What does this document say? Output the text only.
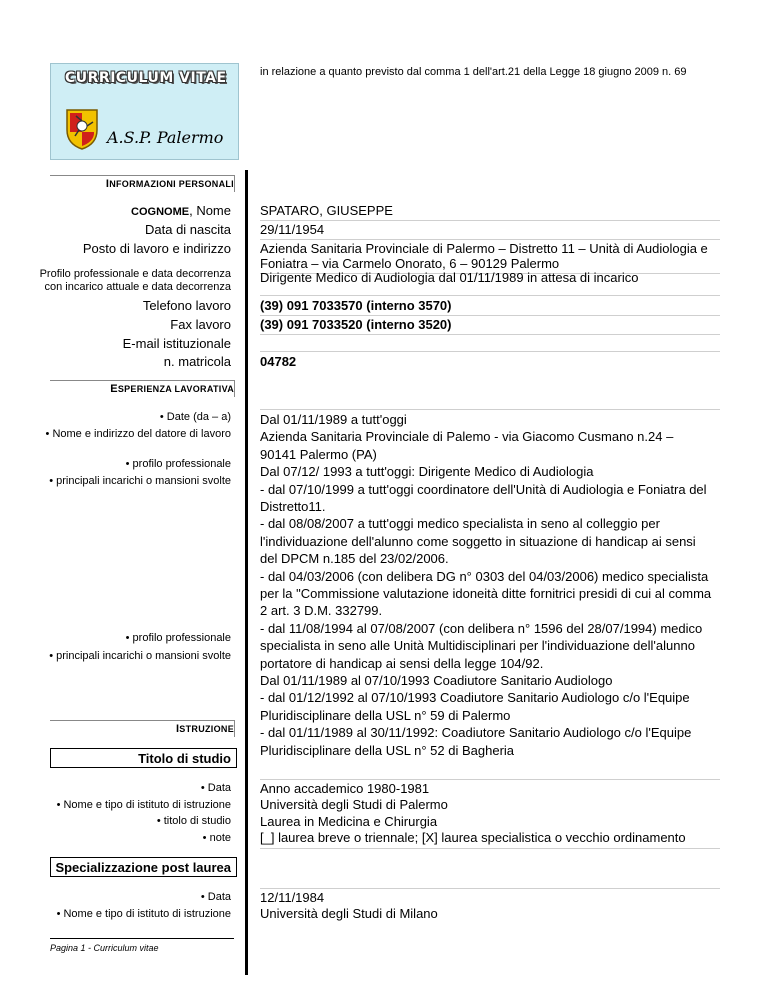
CURRICULUM VITAE
A.S.P. Palermo
in relazione a quanto previsto dal comma 1 dell'art.21 della Legge 18 giugno 2009 n. 69
INFORMAZIONI PERSONALI
COGNOME, Nome
Data di nascita
Posto di lavoro e indirizzo
Profilo professionale e data decorrenza
con incarico attuale e data decorrenza
Telefono lavoro
Fax lavoro
E-mail istituzionale
n. matricola
SPATARO, GIUSEPPE
29/11/1954
Azienda Sanitaria Provinciale di Palermo – Distretto 11 – Unità di Audiologia e
Foniatra – via Carmelo Onorato, 6 – 90129 Palermo
Dirigente Medico di Audiologia dal 01/11/1989 in attesa di incarico
(39) 091 7033570 (interno 3570)
(39) 091 7033520 (interno 3520)
04782
ESPERIENZA LAVORATIVA
• Date (da – a)
• Nome e indirizzo del datore di lavoro
• profilo professionale
• principali incarichi o mansioni svolte
• profilo professionale
• principali incarichi o mansioni svolte
Dal 01/11/1989 a tutt'oggi
Azienda Sanitaria Provinciale di Palemo - via Giacomo Cusmano n.24 –
90141 Palermo (PA)
Dal 07/12/ 1993 a tutt'oggi: Dirigente Medico di Audiologia
- dal 07/10/1999 a tutt'oggi coordinatore dell'Unità di Audiologia e Foniatra del
Distretto11.
- dal 08/08/2007 a tutt'oggi medico specialista in seno al colleggio per
l'individuazione dell'alunno come soggetto in situazione di handicap ai sensi
del DPCM n.185 del 23/02/2006.
- dal 04/03/2006 (con delibera DG n° 0303 del 04/03/2006) medico specialista
per la "Commissione valutazione idoneità ditte fornitrici presidi di cui al comma
2 art. 3 D.M. 332799.
- dal 11/08/1994 al 07/08/2007 (con delibera n° 1596 del 28/07/1994) medico
specialista in seno alle Unità Multidisciplinari per l'individuazione dell'alunno
portatore di handicap ai sensi della legge 104/92.
Dal 01/11/1989 al 07/10/1993 Coadiutore Sanitario Audiologo
- dal 01/12/1992 al 07/10/1993 Coadiutore Sanitario Audiologo c/o l'Equipe
Pluridisciplinare della USL n° 59 di Palermo
- dal 01/11/1989 al 30/11/1992: Coadiutore Sanitario Audiologo c/o l'Equipe
Pluridisciplinare della USL n° 52 di Bagheria
ISTRUZIONE
Titolo di studio
• Data
• Nome e tipo di istituto di istruzione
• titolo di studio
• note
Anno accademico 1980-1981
Università degli Studi di Palermo
Laurea in Medicina e Chirurgia
[_] laurea breve o triennale; [X] laurea specialistica o vecchio ordinamento
Specializzazione post laurea
• Data
• Nome e tipo di istituto di istruzione
12/11/1984
Università degli Studi di Milano
Pagina 1 - Curriculum vitae
